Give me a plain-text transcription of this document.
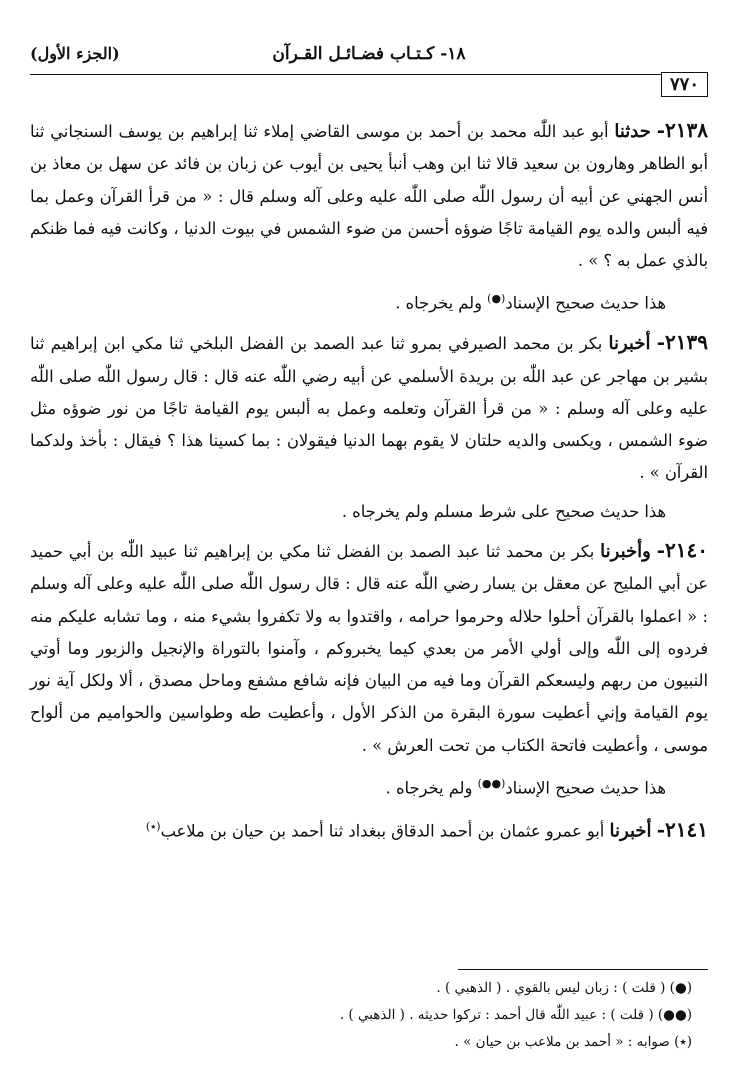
١٨- كـتـاب فضـائـل القـرآن
(الجزء الأول)
٧٧٠

٢١٣٨- حدثنا أبو عبد اللّٰه محمد بن أحمد بن موسى القاضي إملاء ثنا إبراهيم بن يوسف السنجاني ثنا أبو الطاهر وهارون بن سعيد قالا ثنا ابن وهب أنبأ يحيى بن أيوب عن زبان بن فائد عن سهل بن معاذ بن أنس الجهني عن أبيه أن رسول اللّٰه صلى اللّٰه عليه وعلى آله وسلم قال : « من قرأ القرآن وعمل بما فيه ألبس والده يوم القيامة تاجًا ضوؤه أحسن من ضوء الشمس في بيوت الدنيا ، وكانت فيه فما ظنكم بالذي عمل به ؟ » .

هذا حديث صحيح الإسناد(●) ولم يخرجاه .

٢١٣٩- أخبرنا بكر بن محمد الصيرفي بمرو ثنا عبد الصمد بن الفضل البلخي ثنا مكي ابن إبراهيم ثنا بشير بن مهاجر عن عبد اللّٰه بن بريدة الأسلمي عن أبيه رضي اللّٰه عنه قال : قال رسول اللّٰه صلى اللّٰه عليه وعلى آله وسلم : « من قرأ القرآن وتعلمه وعمل به ألبس يوم القيامة تاجًا من نور ضوؤه مثل ضوء الشمس ، ويكسى والديه حلتان لا يقوم بهما الدنيا فيقولان : بما كسينا هذا ؟ فيقال : بأخذ ولدكما القرآن » .

هذا حديث صحيح على شرط مسلم ولم يخرجاه .

٢١٤٠- وأخبرنا بكر بن محمد ثنا عبد الصمد بن الفضل ثنا مكي بن إبراهيم ثنا عبيد اللّٰه بن أبي حميد عن أبي المليح عن معقل بن يسار رضي اللّٰه عنه قال : قال رسول اللّٰه صلى اللّٰه عليه وعلى آله وسلم : « اعملوا بالقرآن أحلوا حلاله وحرموا حرامه ، واقتدوا به ولا تكفروا بشيء منه ، وما تشابه عليكم منه فردوه إلى اللّٰه وإلى أولي الأمر من بعدي كيما يخبروكم ، وآمنوا بالتوراة والإنجيل والزبور وما أوتي النبيون من ربهم وليسعكم القرآن وما فيه من البيان فإنه شافع مشفع وماحل مصدق ، ألا ولكل آية نور يوم القيامة وإني أعطيت سورة البقرة من الذكر الأول ، وأعطيت طه وطواسين والحواميم من ألواح موسى ، وأعطيت فاتحة الكتاب من تحت العرش » .

هذا حديث صحيح الإسناد(●●) ولم يخرجاه .

٢١٤١- أخبرنا أبو عمرو عثمان بن أحمد الدقاق ببغداد ثنا أحمد بن حيان بن ملاعب(٭)

(●) ( قلت ) : زبان ليس بالقوي . ( الذهبي ) .

(●●) ( قلت ) : عبيد اللّٰه قال أحمد : تركوا حديثه . ( الذهبي ) .

(٭) صوابه : « أحمد بن ملاعب بن حيان » .
